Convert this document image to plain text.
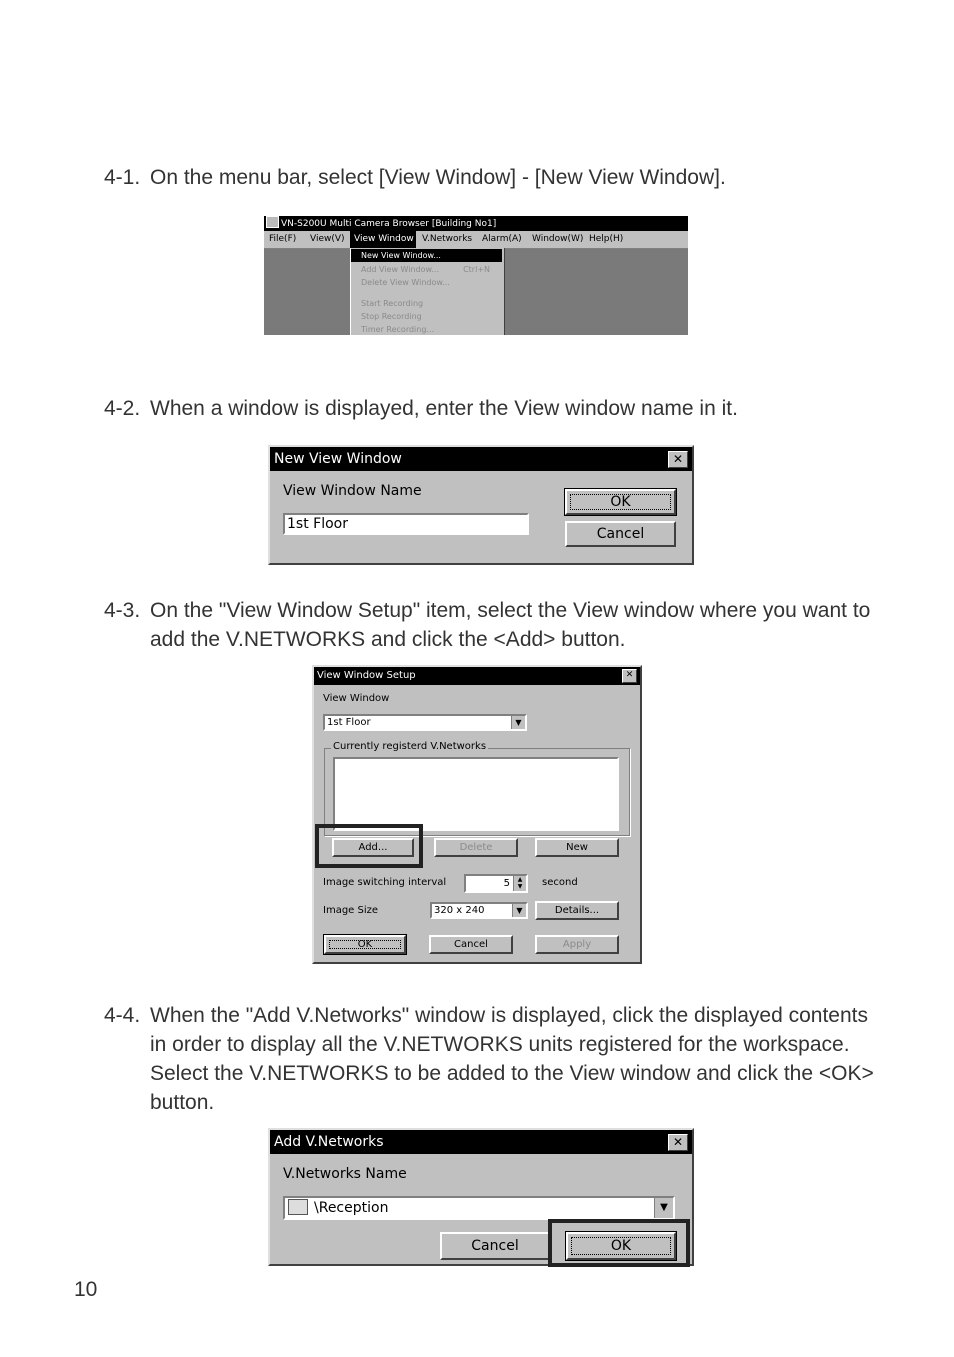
4-1. On the menu bar, select [View Window] - [New View Window].
VN-S200U Multi Camera Browser [Building No1]
File(F) View(V)	View Window V.Networks Alarm(A) Window(W) Help(H)
New View Window...
Add View Window...	Ctrl+N
Delete View Window...
Start Recording
Stop Recording
Timer Recording...
4-2. When a window is displayed, enter the View window name in it.
New View Window	✕
View Window Name
1st Floor
OK
Cancel
4-3. On the "View Window Setup" item, select the View window where you want to add the V.NETWORKS and click the <Add> button.
View Window Setup	✕
View Window
1st Floor	▼
Currently registerd V.Networks
Add...	Delete	New
Image switching interval	5	▲
▼	second
Image Size	320 x 240	▼	Details...
OK	Cancel	Apply
4-4. When the "Add V.Networks" window is displayed, click the displayed contents in order to display all the V.NETWORKS units registered for the workspace. Select the V.NETWORKS to be added to the View window and click the <OK> button.
Add V.Networks	✕
V.Networks Name
\Reception	▼
Cancel	OK
10
